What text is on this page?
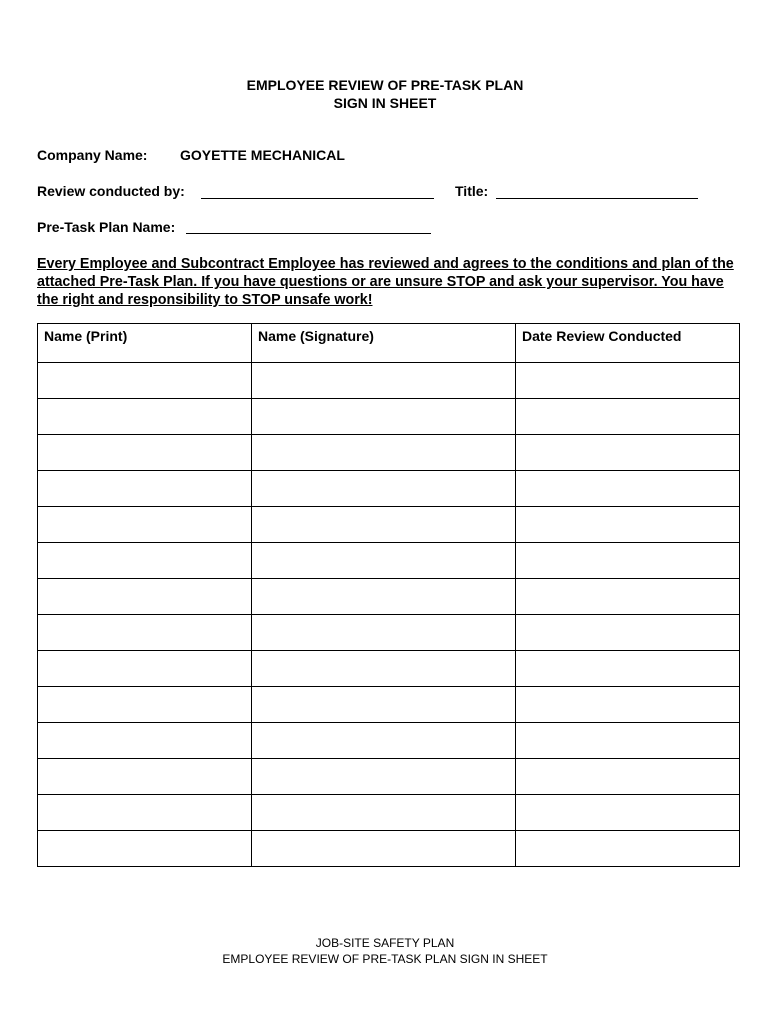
EMPLOYEE REVIEW OF PRE-TASK PLAN
SIGN IN SHEET
Company Name: GOYETTE MECHANICAL
Review conducted by:	Title:
Pre-Task Plan Name:
Every Employee and Subcontract Employee has reviewed and agrees to the conditions and plan of the attached Pre-Task Plan. If you have questions or are unsure STOP and ask your supervisor. You have the right and responsibility to STOP unsafe work!
Name (Print)	Name (Signature)	Date Review Conducted

JOB-SITE SAFETY PLAN
EMPLOYEE REVIEW OF PRE-TASK PLAN SIGN IN SHEET
